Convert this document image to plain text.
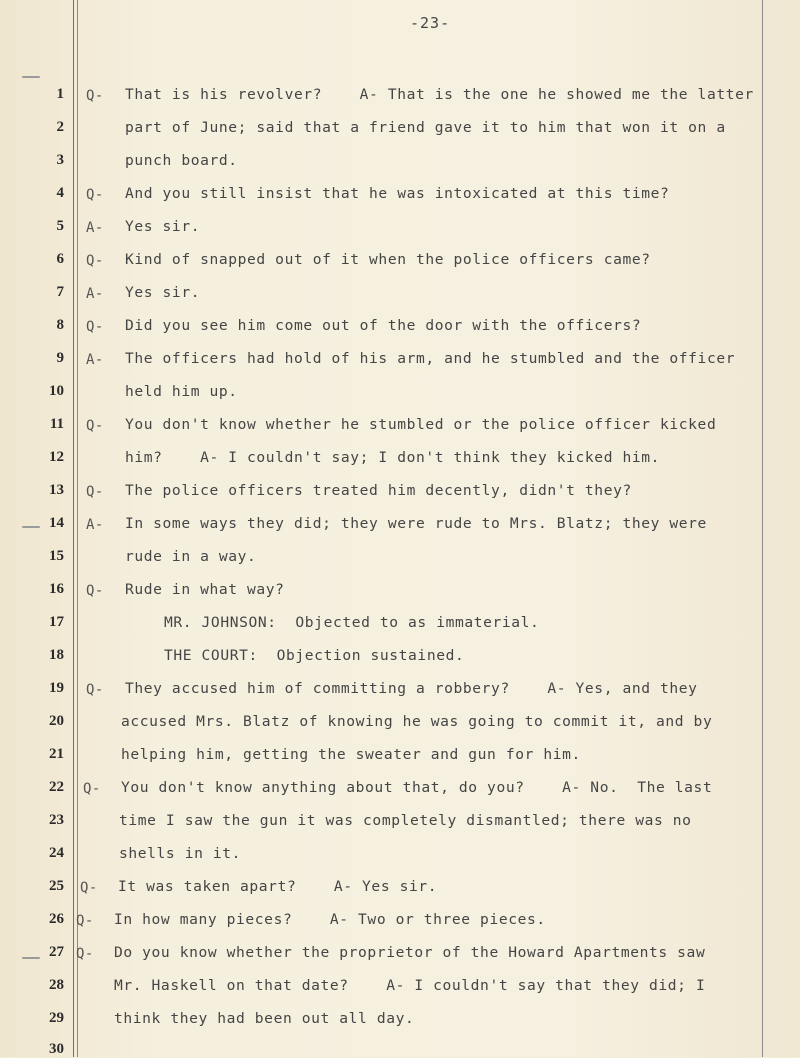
-23-
1 Q- That is his revolver?    A- That is the one he showed me the latter
2	part of June; said that a friend gave it to him that won it on a
3	punch board.
4 Q- And you still insist that he was intoxicated at this time?
5 A- Yes sir.
6 Q- Kind of snapped out of it when the police officers came?
7 A- Yes sir.
8 Q- Did you see him come out of the door with the officers?
9 A- The officers had hold of his arm, and he stumbled and the officer
10	held him up.
11 Q- You don't know whether he stumbled or the police officer kicked
12	him?    A- I couldn't say; I don't think they kicked him.
13 Q- The police officers treated him decently, didn't they?
14 A- In some ways they did; they were rude to Mrs. Blatz; they were
15	rude in a way.
16 Q- Rude in what way?
17	MR. JOHNSON:  Objected to as immaterial.
18	THE COURT:  Objection sustained.
19 Q- They accused him of committing a robbery?    A- Yes, and they
20	accused Mrs. Blatz of knowing he was going to commit it, and by
21	helping him, getting the sweater and gun for him.
22 Q- You don't know anything about that, do you?    A- No.  The last
23	time I saw the gun it was completely dismantled; there was no
24	shells in it.
25 Q- It was taken apart?    A- Yes sir.
26 Q- In how many pieces?    A- Two or three pieces.
27 Q- Do you know whether the proprietor of the Howard Apartments saw
28	Mr. Haskell on that date?    A- I couldn't say that they did; I
29	think they had been out all day.
30
